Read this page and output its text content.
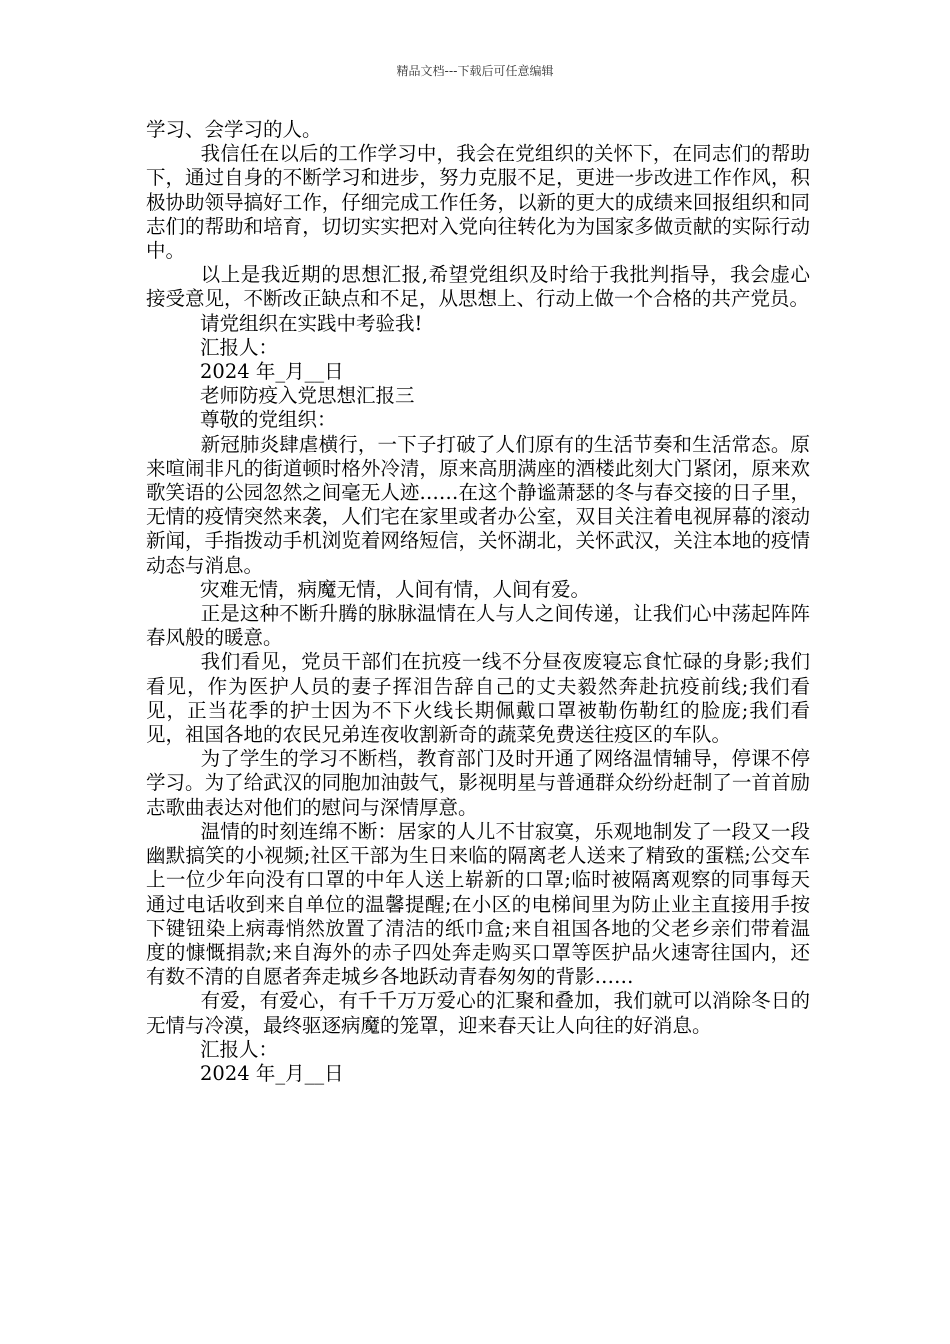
精品文档---下载后可任意编辑

学习、会学习的人。

我信任在以后的工作学习中，我会在党组织的关怀下，在同志们的帮助下，通过自身的不断学习和进步，努力克服不足，更进一步改进工作作风，积极协助领导搞好工作，仔细完成工作任务，以新的更大的成绩来回报组织和同志们的帮助和培育，切切实实把对入党向往转化为为国家多做贡献的实际行动中。

以上是我近期的思想汇报,希望党组织及时给于我批判指导，我会虚心接受意见，不断改正缺点和不足，从思想上、行动上做一个合格的共产党员。

请党组织在实践中考验我!

汇报人：

2024 年_月__日

老师防疫入党思想汇报三

尊敬的党组织：

新冠肺炎肆虐横行，一下子打破了人们原有的生活节奏和生活常态。原来喧闹非凡的街道顿时格外冷清，原来高朋满座的酒楼此刻大门紧闭，原来欢歌笑语的公园忽然之间毫无人迹……在这个静谧萧瑟的冬与春交接的日子里，无情的疫情突然来袭，人们宅在家里或者办公室，双目关注着电视屏幕的滚动新闻，手指拨动手机浏览着网络短信，关怀湖北，关怀武汉，关注本地的疫情动态与消息。

灾难无情，病魔无情，人间有情，人间有爱。

正是这种不断升腾的脉脉温情在人与人之间传递，让我们心中荡起阵阵春风般的暖意。

我们看见，党员干部们在抗疫一线不分昼夜废寝忘食忙碌的身影;我们看见，作为医护人员的妻子挥泪告辞自己的丈夫毅然奔赴抗疫前线;我们看见，正当花季的护士因为不下火线长期佩戴口罩被勒伤勒红的脸庞;我们看见，祖国各地的农民兄弟连夜收割新奇的蔬菜免费送往疫区的车队。

为了学生的学习不断档，教育部门及时开通了网络温情辅导，停课不停学习。为了给武汉的同胞加油鼓气，影视明星与普通群众纷纷赶制了一首首励志歌曲表达对他们的慰问与深情厚意。

温情的时刻连绵不断：居家的人儿不甘寂寞，乐观地制发了一段又一段幽默搞笑的小视频;社区干部为生日来临的隔离老人送来了精致的蛋糕;公交车上一位少年向没有口罩的中年人送上崭新的口罩;临时被隔离观察的同事每天通过电话收到来自单位的温馨提醒;在小区的电梯间里为防止业主直接用手按下键钮染上病毒悄然放置了清洁的纸巾盒;来自祖国各地的父老乡亲们带着温度的慷慨捐款;来自海外的赤子四处奔走购买口罩等医护品火速寄往国内，还有数不清的自愿者奔走城乡各地跃动青春匆匆的背影……

有爱，有爱心，有千千万万爱心的汇聚和叠加，我们就可以消除冬日的无情与冷漠，最终驱逐病魔的笼罩，迎来春天让人向往的好消息。

汇报人：

2024 年_月__日
